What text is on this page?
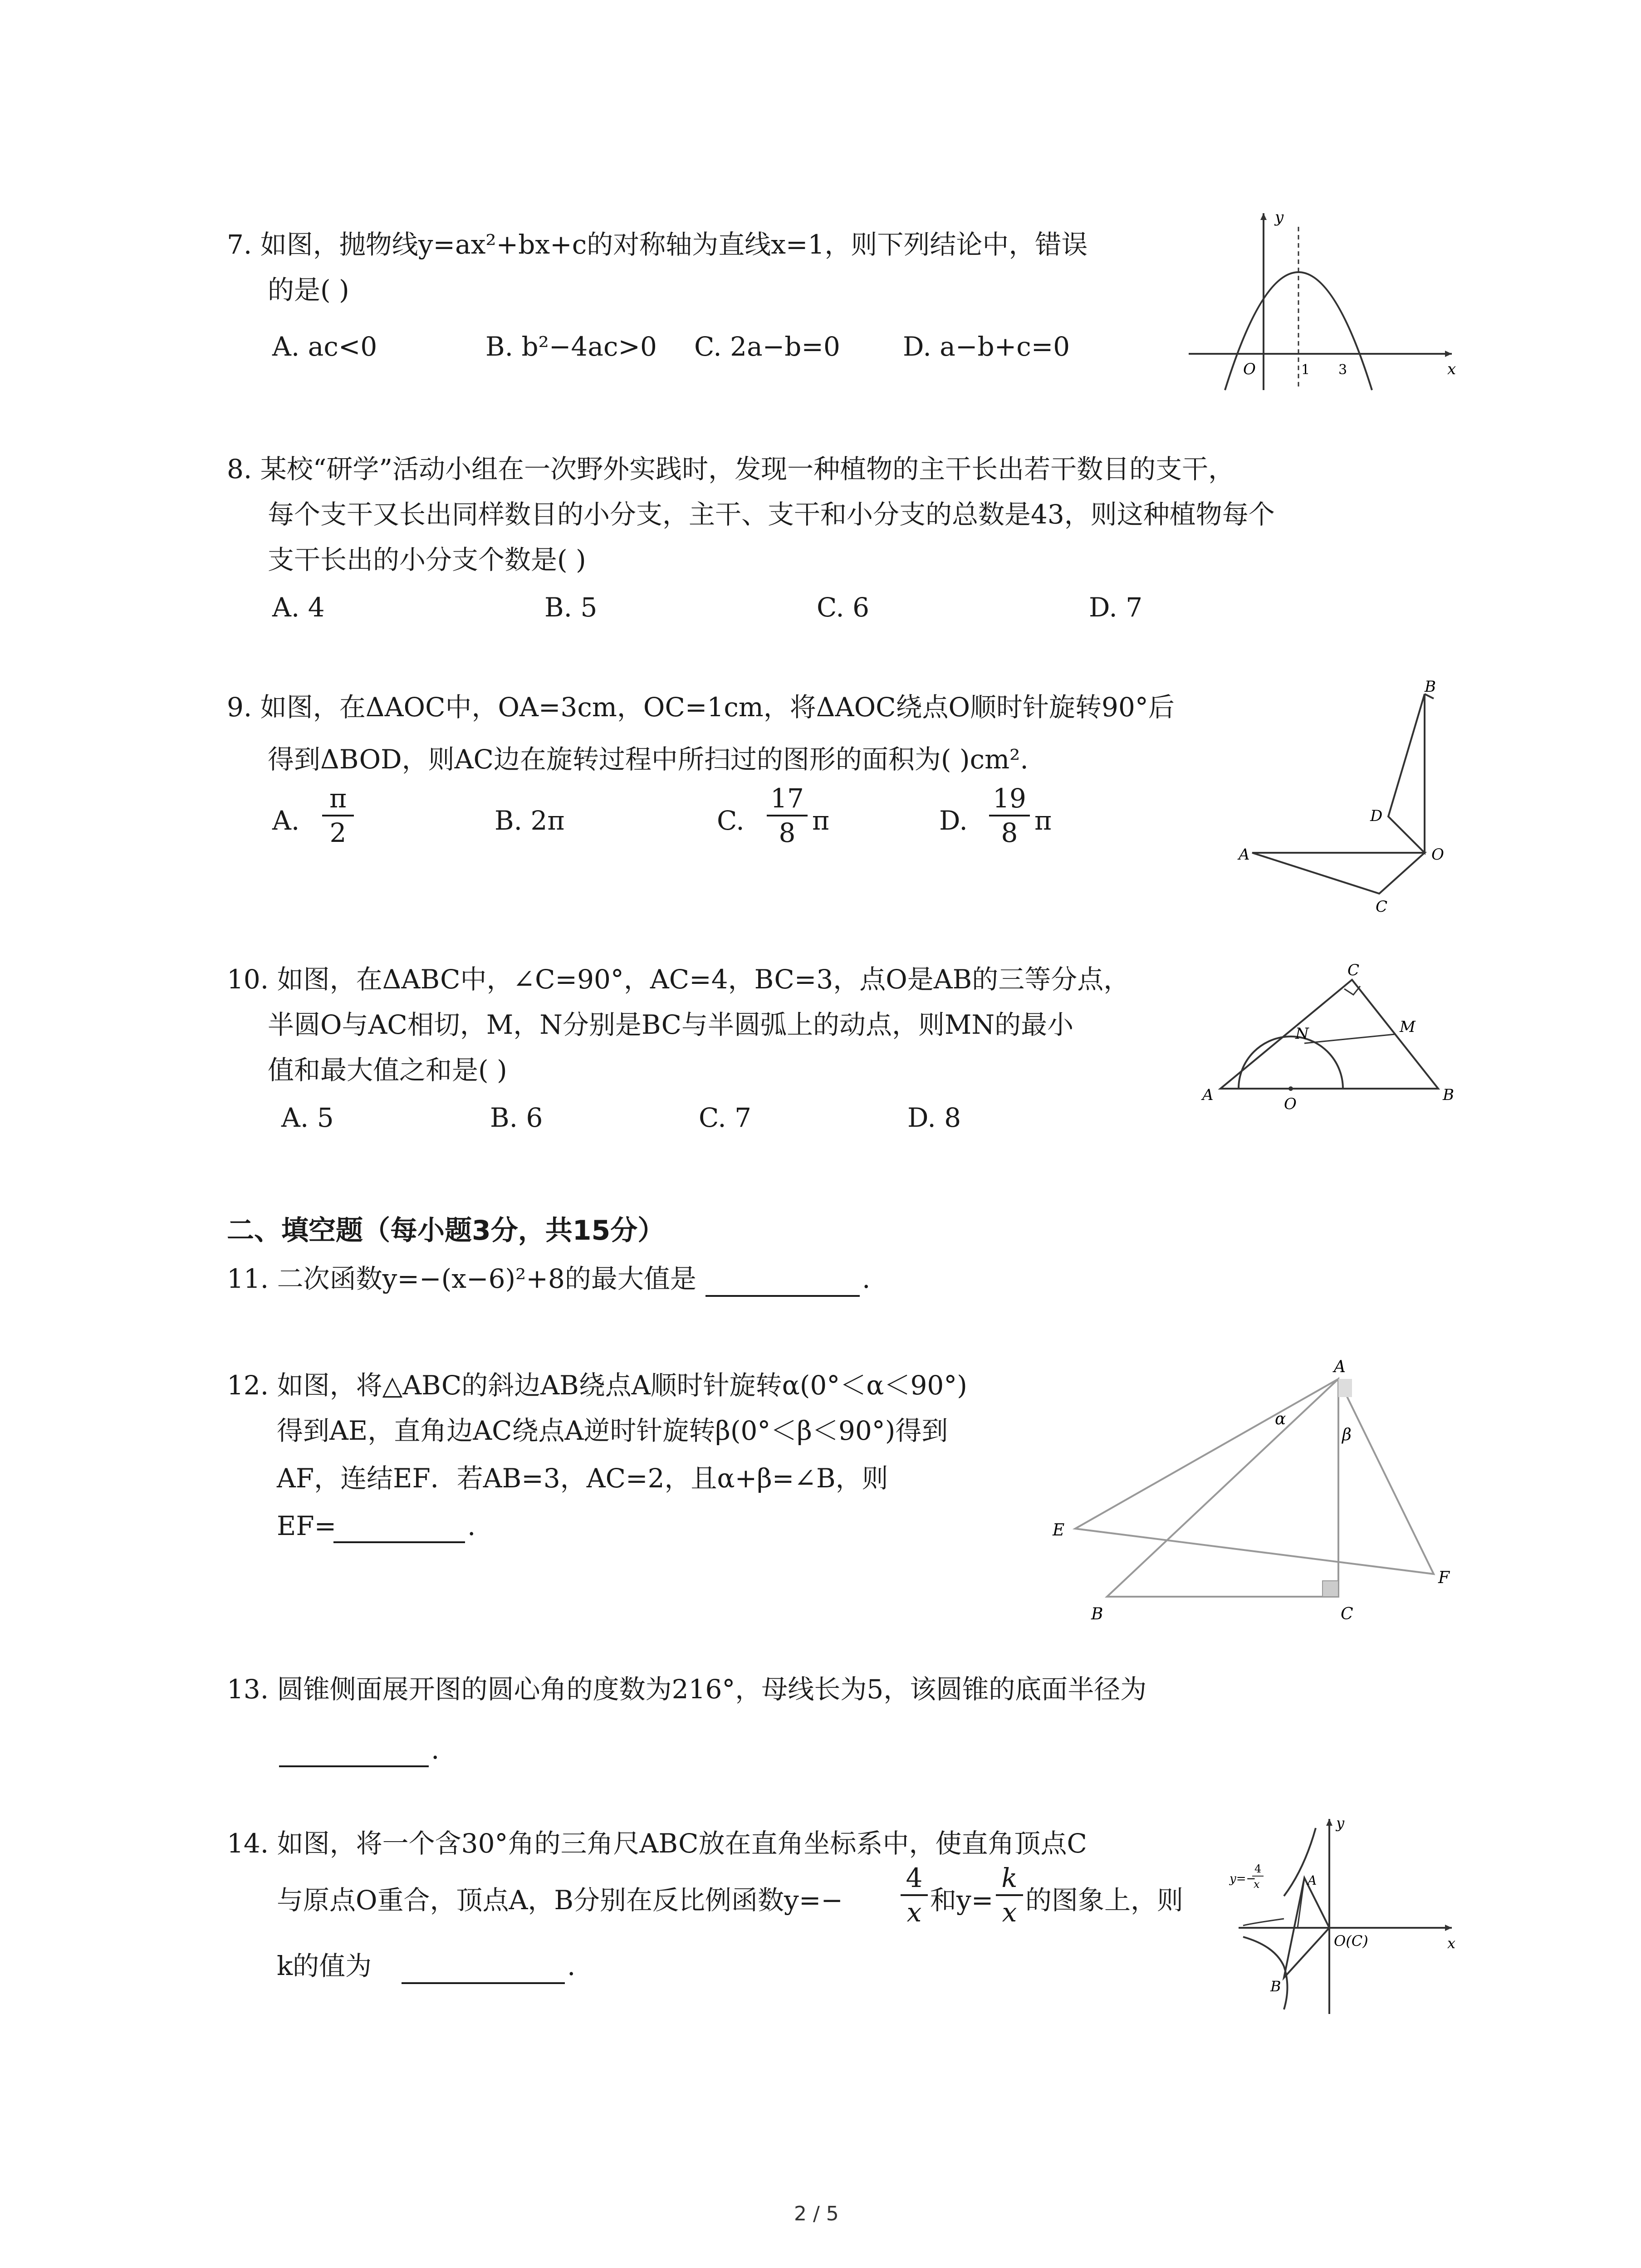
7. 如图，抛物线y=ax²+bx+c的对称轴为直线x=1，则下列结论中，错误
的是( )
A. ac<0	B. b²−4ac>0 C. 2a−b=0 D. a−b+c=0
y
x
O	1 3
8. 某校“研学”活动小组在一次野外实践时，发现一种植物的主干长出若干数目的支干，
每个支干又长出同样数目的小分支，主干、支干和小分支的总数是43，则这种植物每个
支干长出的小分支个数是( )
A. 4	B. 5	C. 6	D. 7
9. 如图，在ΔAOC中，OA=3cm，OC=1cm，将ΔAOC绕点O顺时针旋转90°后
得到ΔBOD，则AC边在旋转过程中所扫过的图形的面积为( )cm².
A.
π
2	B. 2π	C.
17
8 π	D.
19
8 π
B
D
A	O
C
10. 如图，在ΔABC中，∠C=90°，AC=4，BC=3，点O是AB的三等分点，
半圆O与AC相切，M，N分别是BC与半圆弧上的动点，则MN的最小
值和最大值之和是( )
A. 5	B. 6	C. 7	D. 8
A	B
C
M
N
O
二、填空题（每小题3分，共15分）
11. 二次函数y=−(x−6)²+8的最大值是	.
12. 如图，将△ABC的斜边AB绕点A顺时针旋转α(0°＜α＜90°)
得到AE，直角边AC绕点A逆时针旋转β(0°＜β＜90°)得到
AF，连结EF．若AB=3，AC=2，且α+β=∠B，则
EF=	.
A
B	C
E
F
α
β
13. 圆锥侧面展开图的圆心角的度数为216°，母线长为5，该圆锥的底面半径为
.
14. 如图，将一个含30°角的三角尺ABC放在直角坐标系中，使直角顶点C
与原点O重合，顶点A，B分别在反比例函数y=−
4
x 和y=
k
x 的图象上，则
k的值为	.
y
x
O(C)
A
B
y=−
4
x
2 / 5
